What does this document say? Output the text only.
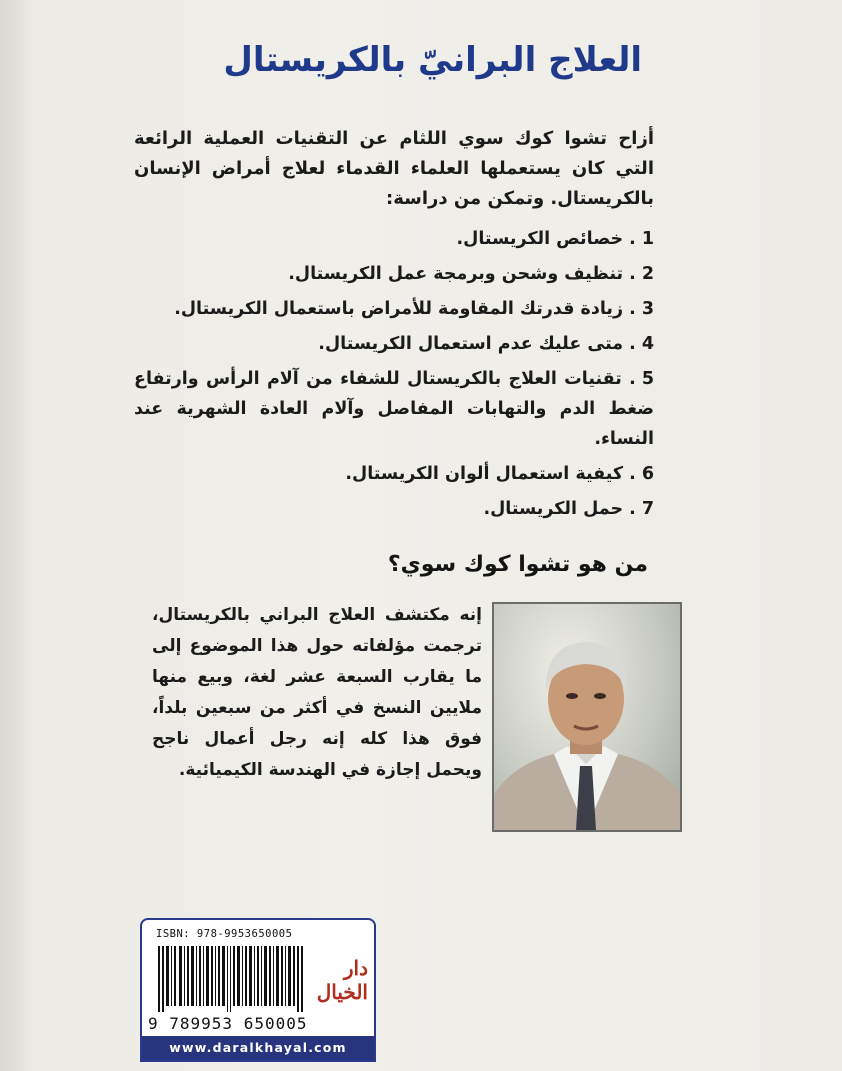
العلاج البرانيّ بالكريستال
أزاح تشوا كوك سوي اللثام عن التقنيات العملية الرائعة التي كان يستعملها العلماء القدماء لعلاج أمراض الإنسان بالكريستال. وتمكن من دراسة:
1. خصائص الكريستال.
2. تنظيف وشحن وبرمجة عمل الكريستال.
3. زيادة قدرتك المقاومة للأمراض باستعمال الكريستال.
4. متى عليك عدم استعمال الكريستال.
5. تقنيات العلاج بالكريستال للشفاء من آلام الرأس وارتفاع ضغط الدم والتهابات المفاصل وآلام العادة الشهرية عند النساء.
6. كيفية استعمال ألوان الكريستال.
7. حمل الكريستال.
من هو تشوا كوك سوي؟
إنه مكتشف العلاج البراني بالكريستال، ترجمت مؤلفاته حول هذا الموضوع إلى ما يقارب السبعة عشر لغة، وبيع منها ملايين النسخ في أكثر من سبعين بلداً، فوق هذا كله إنه رجل أعمال ناجح ويحمل إجازة في الهندسة الكيميائية.
ISBN: 978-9953650005
9 789953 650005
دار الخيال
www.daralkhayal.com
